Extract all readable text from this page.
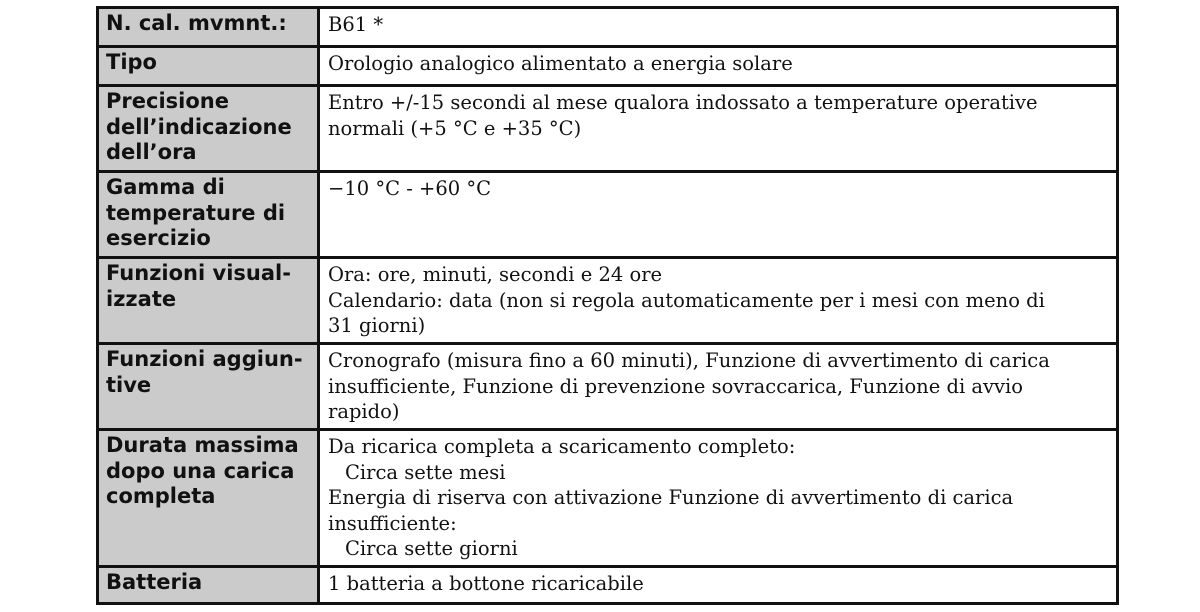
N. cal. mvmnt.:	B61 *
Tipo	Orologio analogico alimentato a energia solare
Precisione
dell’indicazione
dell’ora	Entro +/-15 secondi al mese qualora indossato a temperature operative
normali (+5 °C e +35 °C)

Gamma di
temperature di
esercizio	−10 °C - +60 °C
Funzioni visual-
izzate	Ora: ore, minuti, secondi e 24 ore
Calendario: data (non si regola automaticamente per i mesi con meno di
31 giorni)

Funzioni aggiun-
tive	Cronografo (misura fino a 60 minuti), Funzione di avvertimento di carica
insufficiente, Funzione di prevenzione sovraccarica, Funzione di avvio
rapido)

Durata massima
dopo una carica
completa	Da ricarica completa a scaricamento completo:
Circa sette mesi
Energia di riserva con attivazione Funzione di avvertimento di carica
insufficiente:
Circa sette giorni

Batteria	1 batteria a bottone ricaricabile
